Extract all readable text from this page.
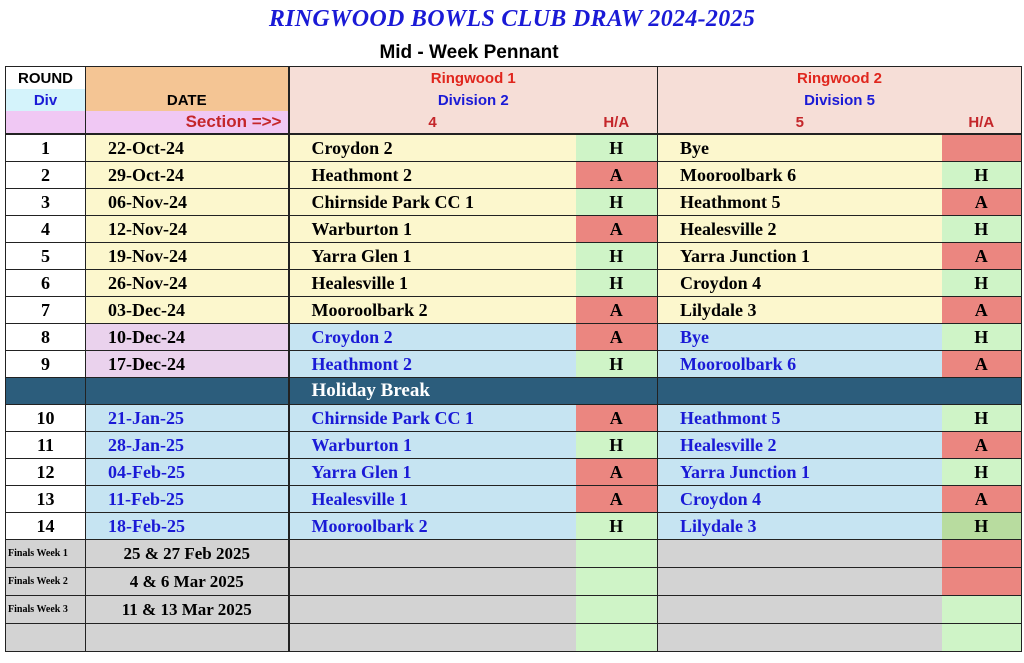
RINGWOOD BOWLS CLUB DRAW 2024-2025
Mid - Week Pennant
ROUND		Ringwood 1		Ringwood 2	
Div	DATE	Division 2		Division 5	
	Section =>>	4	H/A	5	H/A
1	22-Oct-24	Croydon 2	H	Bye	
2	29-Oct-24	Heathmont 2	A	Mooroolbark 6	H
3	06-Nov-24	Chirnside Park CC 1	H	Heathmont 5	A
4	12-Nov-24	Warburton 1	A	Healesville 2	H
5	19-Nov-24	Yarra Glen 1	H	Yarra Junction 1	A
6	26-Nov-24	Healesville 1	H	Croydon 4	H
7	03-Dec-24	Mooroolbark 2	A	Lilydale 3	A
8	10-Dec-24	Croydon 2	A	Bye	H
9	17-Dec-24	Heathmont 2	H	Mooroolbark 6	A
		Holiday Break			
10	21-Jan-25	Chirnside Park CC 1	A	Heathmont 5	H
11	28-Jan-25	Warburton 1	H	Healesville 2	A
12	04-Feb-25	Yarra Glen 1	A	Yarra Junction 1	H
13	11-Feb-25	Healesville 1	A	Croydon 4	A
14	18-Feb-25	Mooroolbark 2	H	Lilydale 3	H
Finals Week 1	25 & 27 Feb 2025				
Finals Week 2	4 & 6 Mar 2025				
Finals Week 3	11 & 13 Mar 2025				
